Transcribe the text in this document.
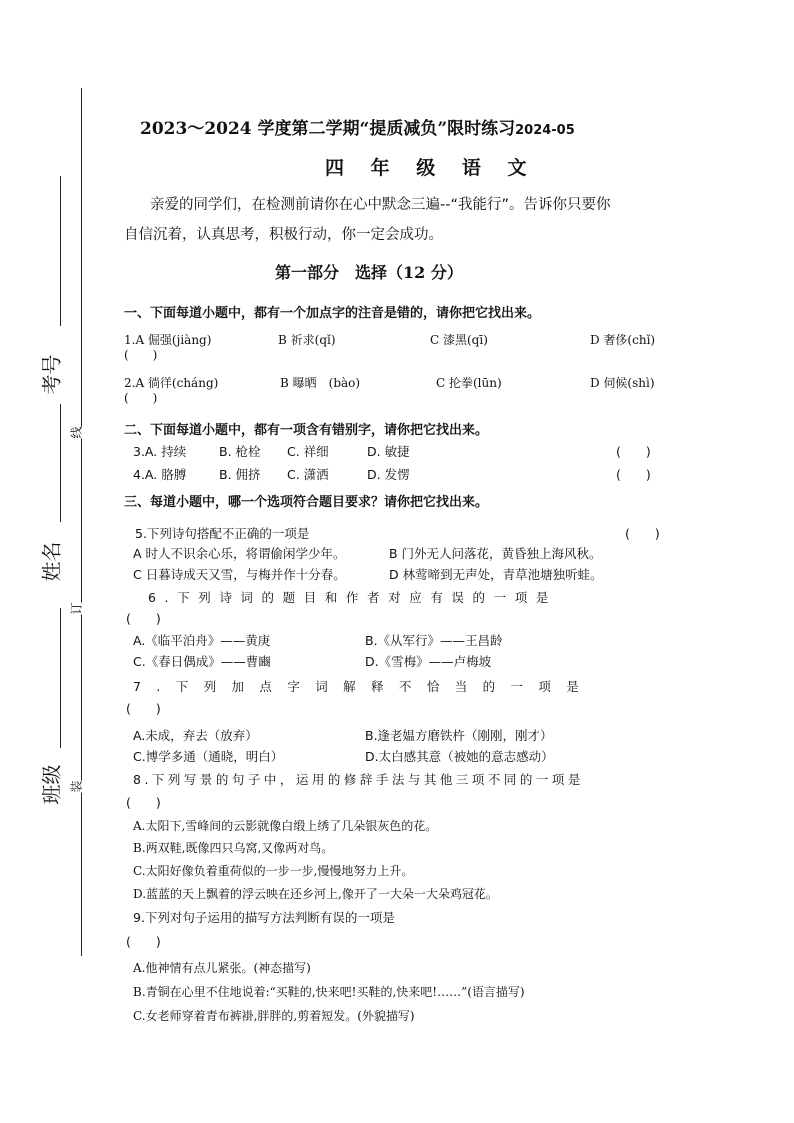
考号
姓名
班级
线
订
装
2023～2024 学度第二学期“提质减负”限时练习2024-05
四 年 级 语 文
亲爱的同学们，在检测前请你在心中默念三遍--“我能行”。告诉你只要你
自信沉着，认真思考，积极行动，你一定会成功。
第一部分　选择（12 分）
一、下面每道小题中，都有一个加点字的注音是错的，请你把它找出来。
1.A 倔强(jiàng)	B 祈求(qǐ)	C 漆黑(qī)	D 奢侈(chǐ)
(　　)
2.A 徜徉(cháng)	B 曝晒　(bào)	C 抡拳(lūn)	D 伺候(shì)
(　　)
二、下面每道小题中，都有一项含有错别字，请你把它找出来。
3.A. 持续	B. 枪栓 C. 祥细	D. 敏捷	(　　)
4.A. 胳膊	B. 佣挤 C. 潇洒	D. 发愣	(　　)
三、每道小题中，哪一个选项符合题目要求？请你把它找出来。
5.下列诗句搭配不正确的一项是	(　　)
A 时人不识余心乐，将谓偷闲学少年。	B 门外无人问落花，黄昏独上海风秋。
C 日暮诗成天又雪，与梅并作十分春。	D 林莺啼到无声处，青草池塘独听蛙。
6.下列诗词的题目和作者对应有误的一项是
(　　)
A.《临平泊舟》——黄庚	B.《从军行》——王昌龄
C.《春日偶成》——曹豳	D.《雪梅》——卢梅坡
7.下列加点字词解释不恰当的一项是
(　　)
A.未成，弃去（放弃）	B.逢老媪方磨铁杵（刚刚，刚才）
C.博学多通（通晓，明白）	D.太白感其意（被她的意志感动）
8.下列写景的句子中，运用的修辞手法与其他三项不同的一项是
(　　)
A.太阳下,雪峰间的云影就像白缎上绣了几朵银灰色的花。
B.两双鞋,既像四只乌窝,又像两对鸟。
C.太阳好像负着重荷似的一步一步,慢慢地努力上升。
D.蓝蓝的天上飘着的浮云映在还乡河上,像开了一大朵一大朵鸡冠花。
9.下列对句子运用的描写方法判断有误的一项是
(　　)
A.他神情有点儿紧张。(神态描写)
B.青铜在心里不住地说着:“买鞋的,快来吧!买鞋的,快来吧!……”(语言描写)
C.女老师穿着青布裤褂,胖胖的,剪着短发。(外貌描写)
